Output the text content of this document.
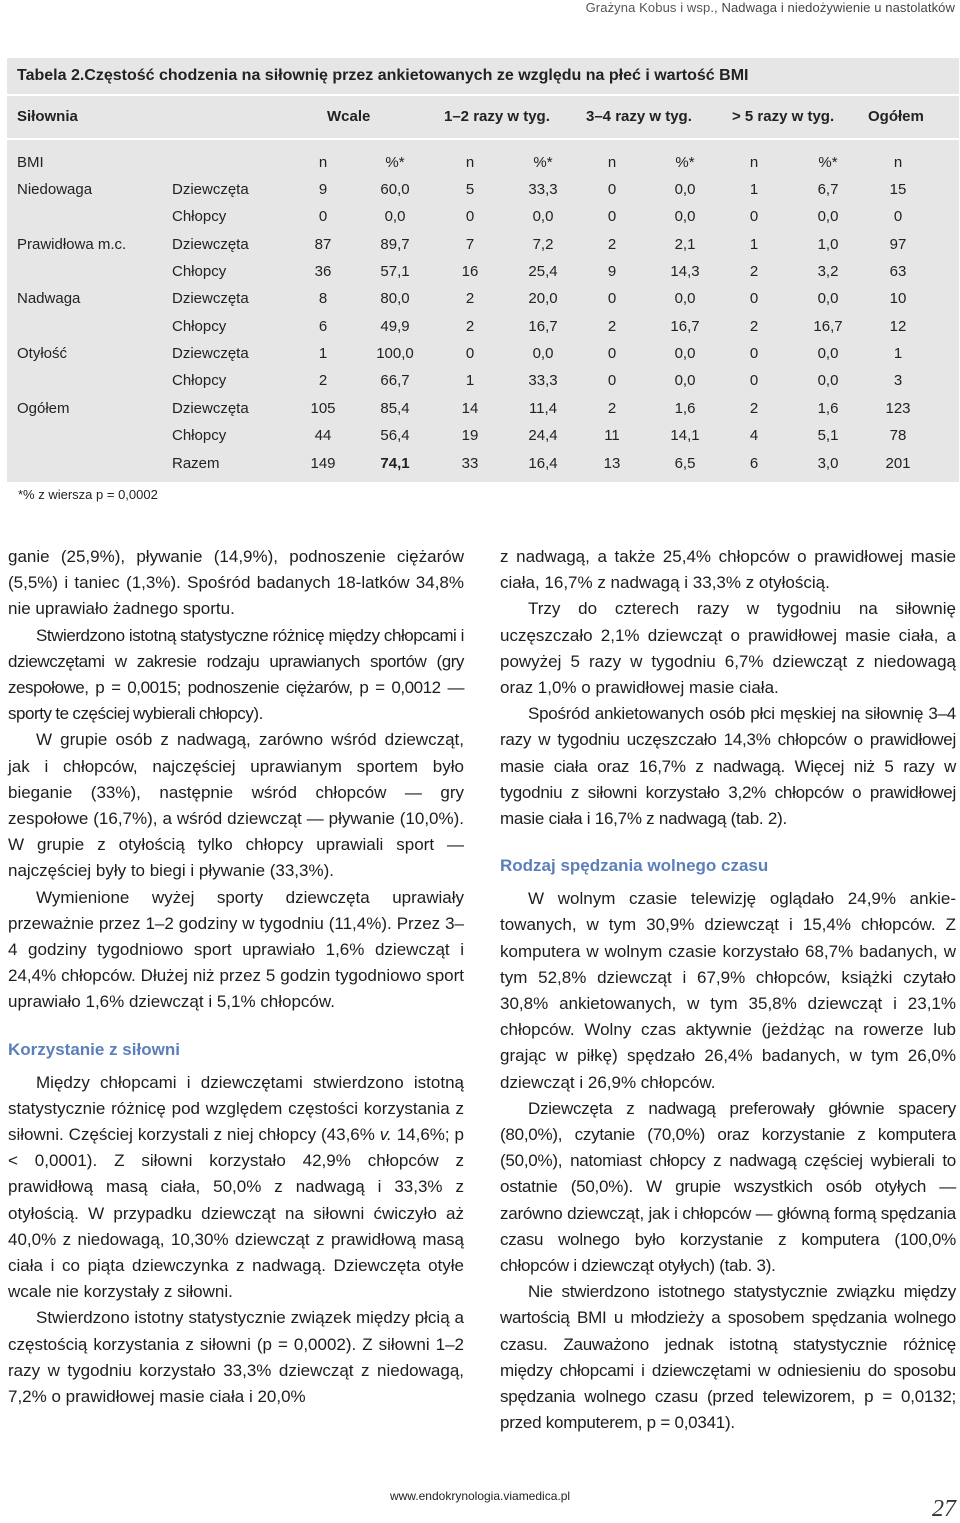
Grażyna Kobus i wsp., Nadwaga i niedożywienie u nastolatków
Tabela 2.Częstość chodzenia na siłownię przez ankietowanych ze względu na płeć i wartość BMI
Siłownia	Wcale	1–2 razy w tyg. 3–4 razy w tyg.	> 5 razy w tyg. Ogółem
BMI	n	%*	n	%*	n	%*	n	%*	n
Niedowaga	Dziewczęta	9	60,0	5	33,3	0	0,0	1	6,7	15
Chłopcy	0	0,0	0	0,0	0	0,0	0	0,0	0
Prawidłowa m.c.	Dziewczęta	87	89,7	7	7,2	2	2,1	1	1,0	97
Chłopcy	36	57,1	16	25,4	9	14,3	2	3,2	63
Nadwaga	Dziewczęta	8	80,0	2	20,0	0	0,0	0	0,0	10
Chłopcy	6	49,9	2	16,7	2	16,7	2	16,7	12
Otyłość	Dziewczęta	1	100,0	0	0,0	0	0,0	0	0,0	1
Chłopcy	2	66,7	1	33,3	0	0,0	0	0,0	3
Ogółem	Dziewczęta	105	85,4	14	11,4	2	1,6	2	1,6	123
Chłopcy	44	56,4	19	24,4	11	14,1	4	5,1	78
Razem	149	74,1	33	16,4	13	6,5	6	3,0	201
*% z wiersza p = 0,0002

ganie (25,9%), pływanie (14,9%), podnoszenie ciężarów (5,5%) i taniec (1,3%). Spośród badanych 18-latków 34,8% nie uprawiało żadnego sportu.

Stwierdzono istotną statystyczne różnicę między chłopcami i dziewczętami w zakresie rodzaju uprawianych sportów (gry zespołowe, p = 0,0015; podnoszenie ciężarów, p = 0,0012 — sporty te częściej wybierali chłopcy).

W grupie osób z nadwagą, zarówno wśród dziewcząt, jak i chłopców, najczęściej uprawianym sportem było bieganie (33%), następnie wśród chłopców — gry zespołowe (16,7%), a wśród dziewcząt — pływanie (10,0%). W grupie z otyłością tylko chłopcy uprawiali sport — najczęściej były to biegi i pływanie (33,3%).

Wymienione wyżej sporty dziewczęta uprawiały przeważnie przez 1–2 godziny w tygodniu (11,4%). Przez 3–4 godziny tygodniowo sport uprawiało 1,6% dziewcząt i 24,4% chłopców. Dłużej niż przez 5 godzin tygodniowo sport uprawiało 1,6% dziewcząt i 5,1% chłopców.

Korzystanie z siłowni

Między chłopcami i dziewczętami stwierdzono istotną statystycznie różnicę pod względem częstości korzystania z siłowni. Częściej korzystali z niej chłopcy (43,6% v. 14,6%; p < 0,0001). Z siłowni korzystało 42,9% chłopców z prawidłową masą ciała, 50,0% z nadwagą i 33,3% z otyłością. W przypadku dziewcząt na siłowni ćwiczyło aż 40,0% z niedowagą, 10,30% dziewcząt z prawidłową masą ciała i co piąta dziewczynka z nadwagą. Dziewczęta otyłe wcale nie korzystały z siłowni.

Stwierdzono istotny statystycznie związek między płcią a częstością korzystania z siłowni (p = 0,0002). Z siłowni 1–2 razy w tygodniu korzystało 33,3% dziewcząt z niedowagą, 7,2% o prawidłowej masie ciała i 20,0%

z nadwagą, a także 25,4% chłopców o prawidłowej masie ciała, 16,7% z nadwagą i 33,3% z otyłością.

Trzy do czterech razy w tygodniu na siłownię uczęszczało 2,1% dziewcząt o prawidłowej masie ciała, a powyżej 5 razy w tygodniu 6,7% dziewcząt z niedowagą oraz 1,0% o prawidłowej masie ciała.

Spośród ankietowanych osób płci męskiej na siłownię 3–4 razy w tygodniu uczęszczało 14,3% chłopców o prawidłowej masie ciała oraz 16,7% z nadwagą. Więcej niż 5 razy w tygodniu z siłowni korzystało 3,2% chłopców o prawidłowej masie ciała i 16,7% z nadwagą (tab. 2).

Rodzaj spędzania wolnego czasu

W wolnym czasie telewizję oglądało 24,9% ankietowanych, w tym 30,9% dziewcząt i 15,4% chłopców. Z komputera w wolnym czasie korzystało 68,7% badanych, w tym 52,8% dziewcząt i 67,9% chłopców, książki czytało 30,8% ankietowanych, w tym 35,8% dziewcząt i 23,1% chłopców. Wolny czas aktywnie (jeżdżąc na rowerze lub grając w piłkę) spędzało 26,4% badanych, w tym 26,0% dziewcząt i 26,9% chłopców.

Dziewczęta z nadwagą preferowały głównie spacery (80,0%), czytanie (70,0%) oraz korzystanie z komputera (50,0%), natomiast chłopcy z nadwagą częściej wybierali to ostatnie (50,0%). W grupie wszystkich osób otyłych — zarówno dziewcząt, jak i chłopców — główną formą spędzania czasu wolnego było korzystanie z komputera (100,0% chłopców i dziewcząt otyłych) (tab. 3).

Nie stwierdzono istotnego statystycznie związku między wartością BMI u młodzieży a sposobem spędzania wolnego czasu. Zauważono jednak istotną statystycznie różnicę między chłopcami i dziewczętami w odniesieniu do sposobu spędzania wolnego czasu (przed telewizorem, p = 0,0132; przed komputerem, p = 0,0341).

www.endokrynologia.viamedica.pl	27
